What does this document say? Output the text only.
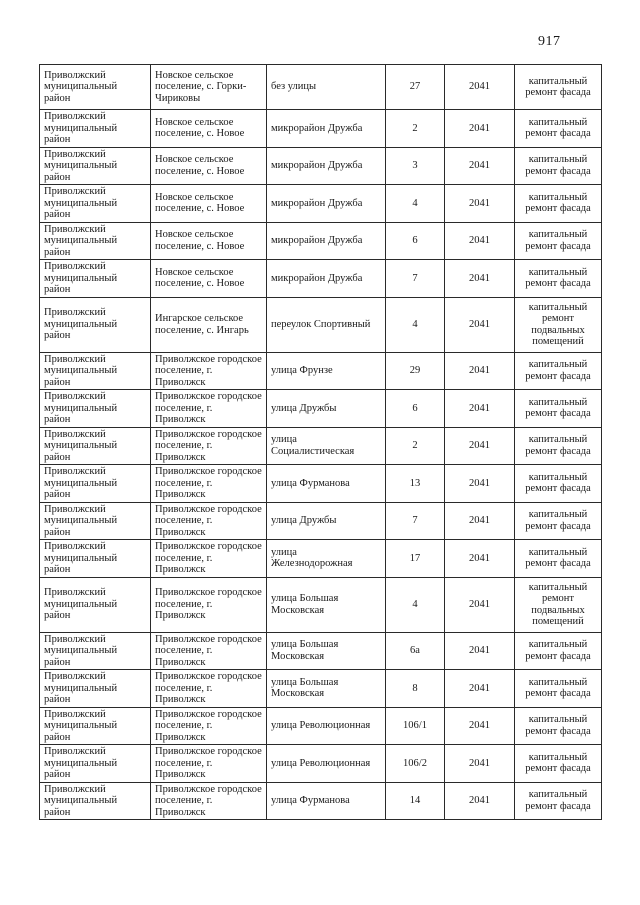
917
Приволжский муниципальный район	Новское сельское поселение, с. Горки-Чириковы	без улицы	27	2041	капитальный ремонт фасада
Приволжский муниципальный район	Новское сельское поселение, с. Новое	микрорайон Дружба	2	2041	капитальный ремонт фасада
Приволжский муниципальный район	Новское сельское поселение, с. Новое	микрорайон Дружба	3	2041	капитальный ремонт фасада
Приволжский муниципальный район	Новское сельское поселение, с. Новое	микрорайон Дружба	4	2041	капитальный ремонт фасада
Приволжский муниципальный район	Новское сельское поселение, с. Новое	микрорайон Дружба	6	2041	капитальный ремонт фасада
Приволжский муниципальный район	Новское сельское поселение, с. Новое	микрорайон Дружба	7	2041	капитальный ремонт фасада
Приволжский муниципальный район	Ингарское сельское поселение, с. Ингарь	переулок Спортивный	4	2041	капитальный ремонт подвальных помещений
Приволжский муниципальный район	Приволжское городское поселение, г. Приволжск	улица Фрунзе	29	2041	капитальный ремонт фасада
Приволжский муниципальный район	Приволжское городское поселение, г. Приволжск	улица Дружбы	6	2041	капитальный ремонт фасада
Приволжский муниципальный район	Приволжское городское поселение, г. Приволжск	улица Социалистическая	2	2041	капитальный ремонт фасада
Приволжский муниципальный район	Приволжское городское поселение, г. Приволжск	улица Фурманова	13	2041	капитальный ремонт фасада
Приволжский муниципальный район	Приволжское городское поселение, г. Приволжск	улица Дружбы	7	2041	капитальный ремонт фасада
Приволжский муниципальный район	Приволжское городское поселение, г. Приволжск	улица Железнодорожная	17	2041	капитальный ремонт фасада
Приволжский муниципальный район	Приволжское городское поселение, г. Приволжск	улица Большая Московская	4	2041	капитальный ремонт подвальных помещений
Приволжский муниципальный район	Приволжское городское поселение, г. Приволжск	улица Большая Московская	6а	2041	капитальный ремонт фасада
Приволжский муниципальный район	Приволжское городское поселение, г. Приволжск	улица Большая Московская	8	2041	капитальный ремонт фасада
Приволжский муниципальный район	Приволжское городское поселение, г. Приволжск	улица Революционная	106/1	2041	капитальный ремонт фасада
Приволжский муниципальный район	Приволжское городское поселение, г. Приволжск	улица Революционная	106/2	2041	капитальный ремонт фасада
Приволжский муниципальный район	Приволжское городское поселение, г. Приволжск	улица Фурманова	14	2041	капитальный ремонт фасада
